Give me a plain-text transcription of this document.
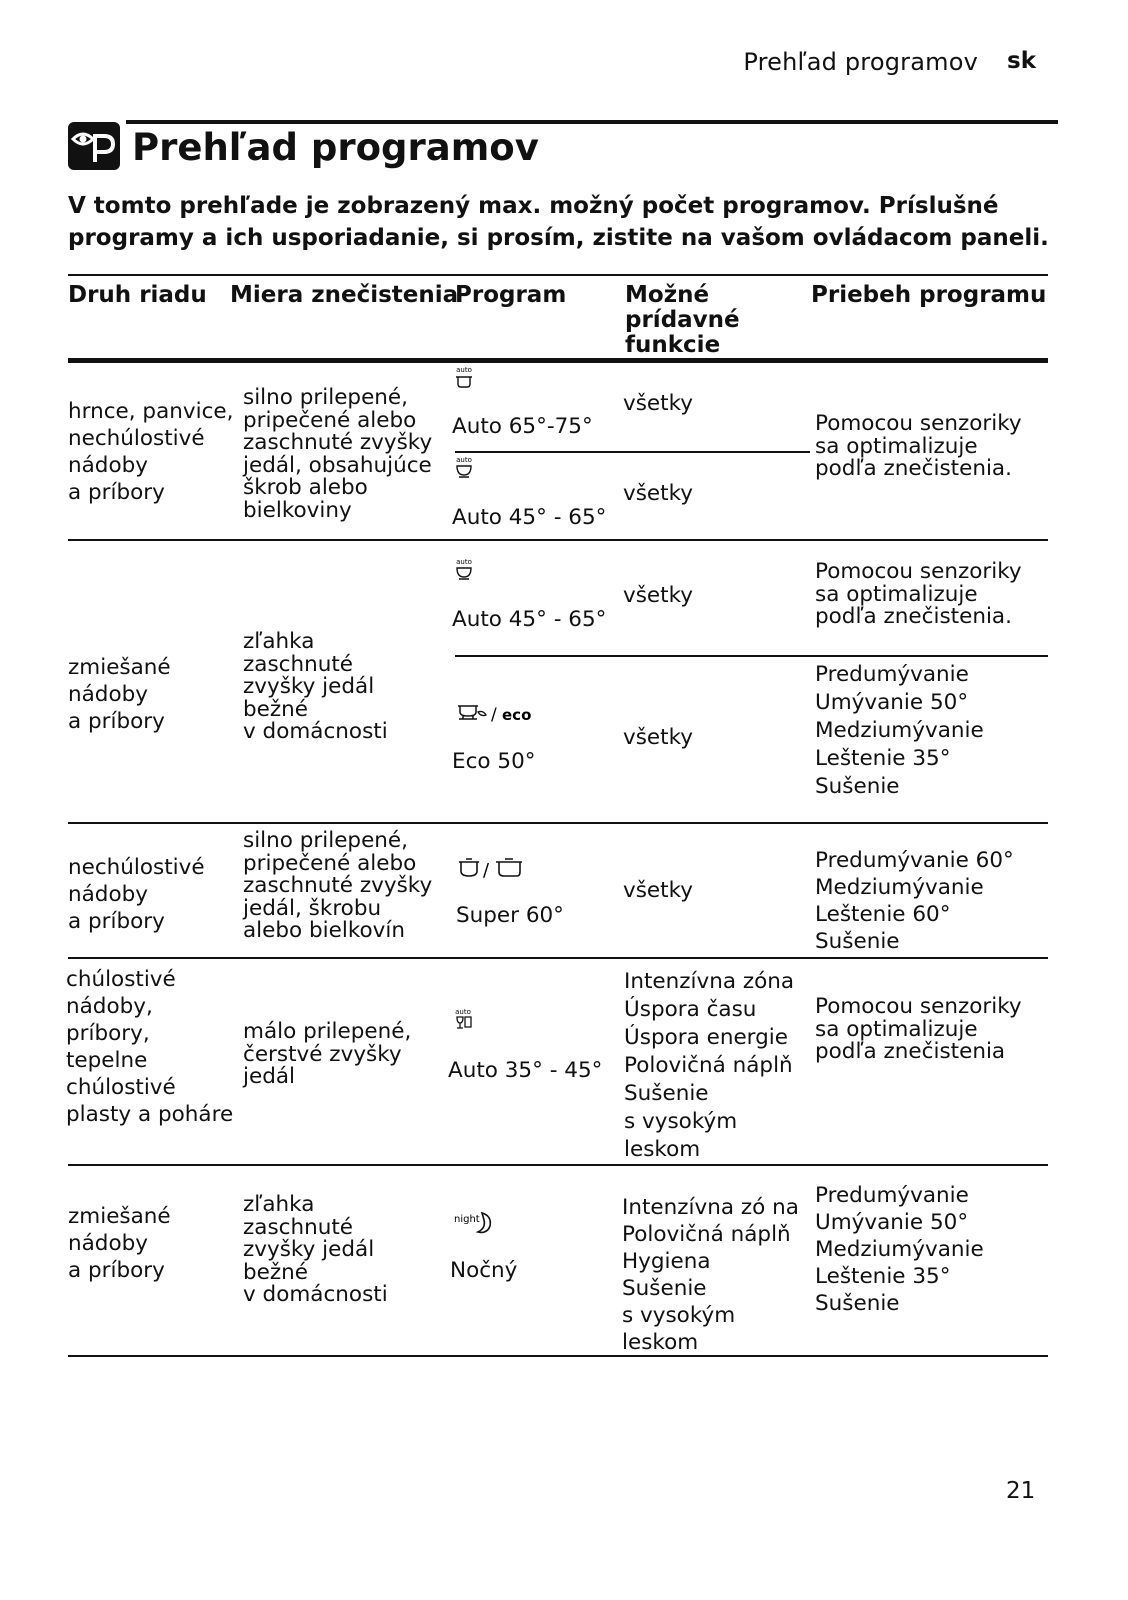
Prehľad programov sk
Prehľad programov
V tomto prehľade je zobrazený max. možný počet programov. Príslušné programy a ich usporiadanie, si prosím, zistite na vašom ovládacom paneli.
Druh riadu Miera znečistenia
Program	Možné prídavné funkcie
Priebeh programu
hrnce, panvice,
nechúlostivé
nádoby
a príbory
silno prilepené,
pripečené alebo
zaschnuté zvyšky
jedál, obsahujúce
škrob alebo
bielkoviny
auto
Auto 65°-75°
všetky
auto
Auto 45° - 65°
všetky
Pomocou senzoriky
sa optimalizuje
podľa znečistenia.
zmiešané
nádoby
a príbory
zľahka
zaschnuté
zvyšky jedál
bežné
v domácnosti
auto
Auto 45° - 65°
všetky
Pomocou senzoriky
sa optimalizuje
podľa znečistenia.
/ eco
Eco 50°
všetky
Predumývanie
Umývanie 50°
Medziumývanie
Leštenie 35°
Sušenie
nechúlostivé
nádoby
a príbory
silno prilepené,
pripečené alebo
zaschnuté zvyšky
jedál, škrobu
alebo bielkovín
/
Super 60°
všetky
Predumývanie 60°
Medziumývanie
Leštenie 60°
Sušenie
chúlostivé
nádoby,
príbory,
tepelne
chúlostivé
plasty a poháre
málo prilepené,
čerstvé zvyšky
jedál
auto
Auto 35° - 45°
Intenzívna zóna
Úspora času
Úspora energie
Polovičná náplň
Sušenie
s vysokým
leskom
Pomocou senzoriky
sa optimalizuje
podľa znečistenia
zmiešané
nádoby
a príbory
zľahka
zaschnuté
zvyšky jedál
bežné
v domácnosti
night
Nočný
Intenzívna zó na
Polovičná náplň
Hygiena
Sušenie
s vysokým
leskom
Predumývanie
Umývanie 50°
Medziumývanie
Leštenie 35°
Sušenie
21
